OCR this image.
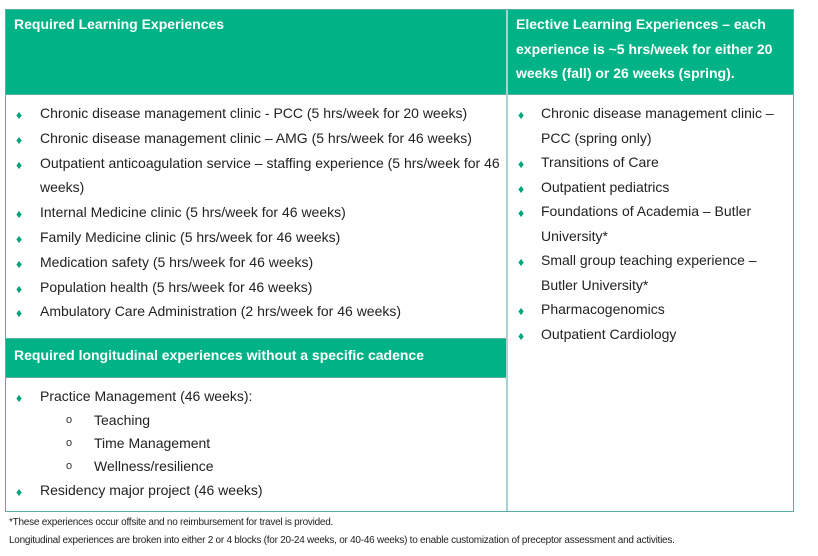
Required Learning Experiences
♦ Chronic disease management clinic - PCC (5 hrs/week for 20 weeks)
♦ Chronic disease management clinic – AMG (5 hrs/week for 46 weeks)
♦ Outpatient anticoagulation service – staffing experience (5 hrs/week for 46 weeks)
♦ Internal Medicine clinic (5 hrs/week for 46 weeks)
♦ Family Medicine clinic (5 hrs/week for 46 weeks)
♦ Medication safety (5 hrs/week for 46 weeks)
♦ Population health (5 hrs/week for 46 weeks)
♦ Ambulatory Care Administration (2 hrs/week for 46 weeks)
Required longitudinal experiences without a specific cadence
♦ Practice Management (46 weeks):
o Teaching
o Time Management
o Wellness/resilience
♦ Residency major project (46 weeks)
Elective Learning Experiences – each experience is ~5 hrs/week for either 20 weeks (fall) or 26 weeks (spring).
♦ Chronic disease management clinic – PCC (spring only)
♦ Transitions of Care
♦ Outpatient pediatrics
♦ Foundations of Academia – Butler University*
♦ Small group teaching experience – Butler University*
♦ Pharmacogenomics
♦ Outpatient Cardiology
*These experiences occur offsite and no reimbursement for travel is provided.
Longitudinal experiences are broken into either 2 or 4 blocks (for 20-24 weeks, or 40-46 weeks) to enable customization of preceptor assessment and activities.
